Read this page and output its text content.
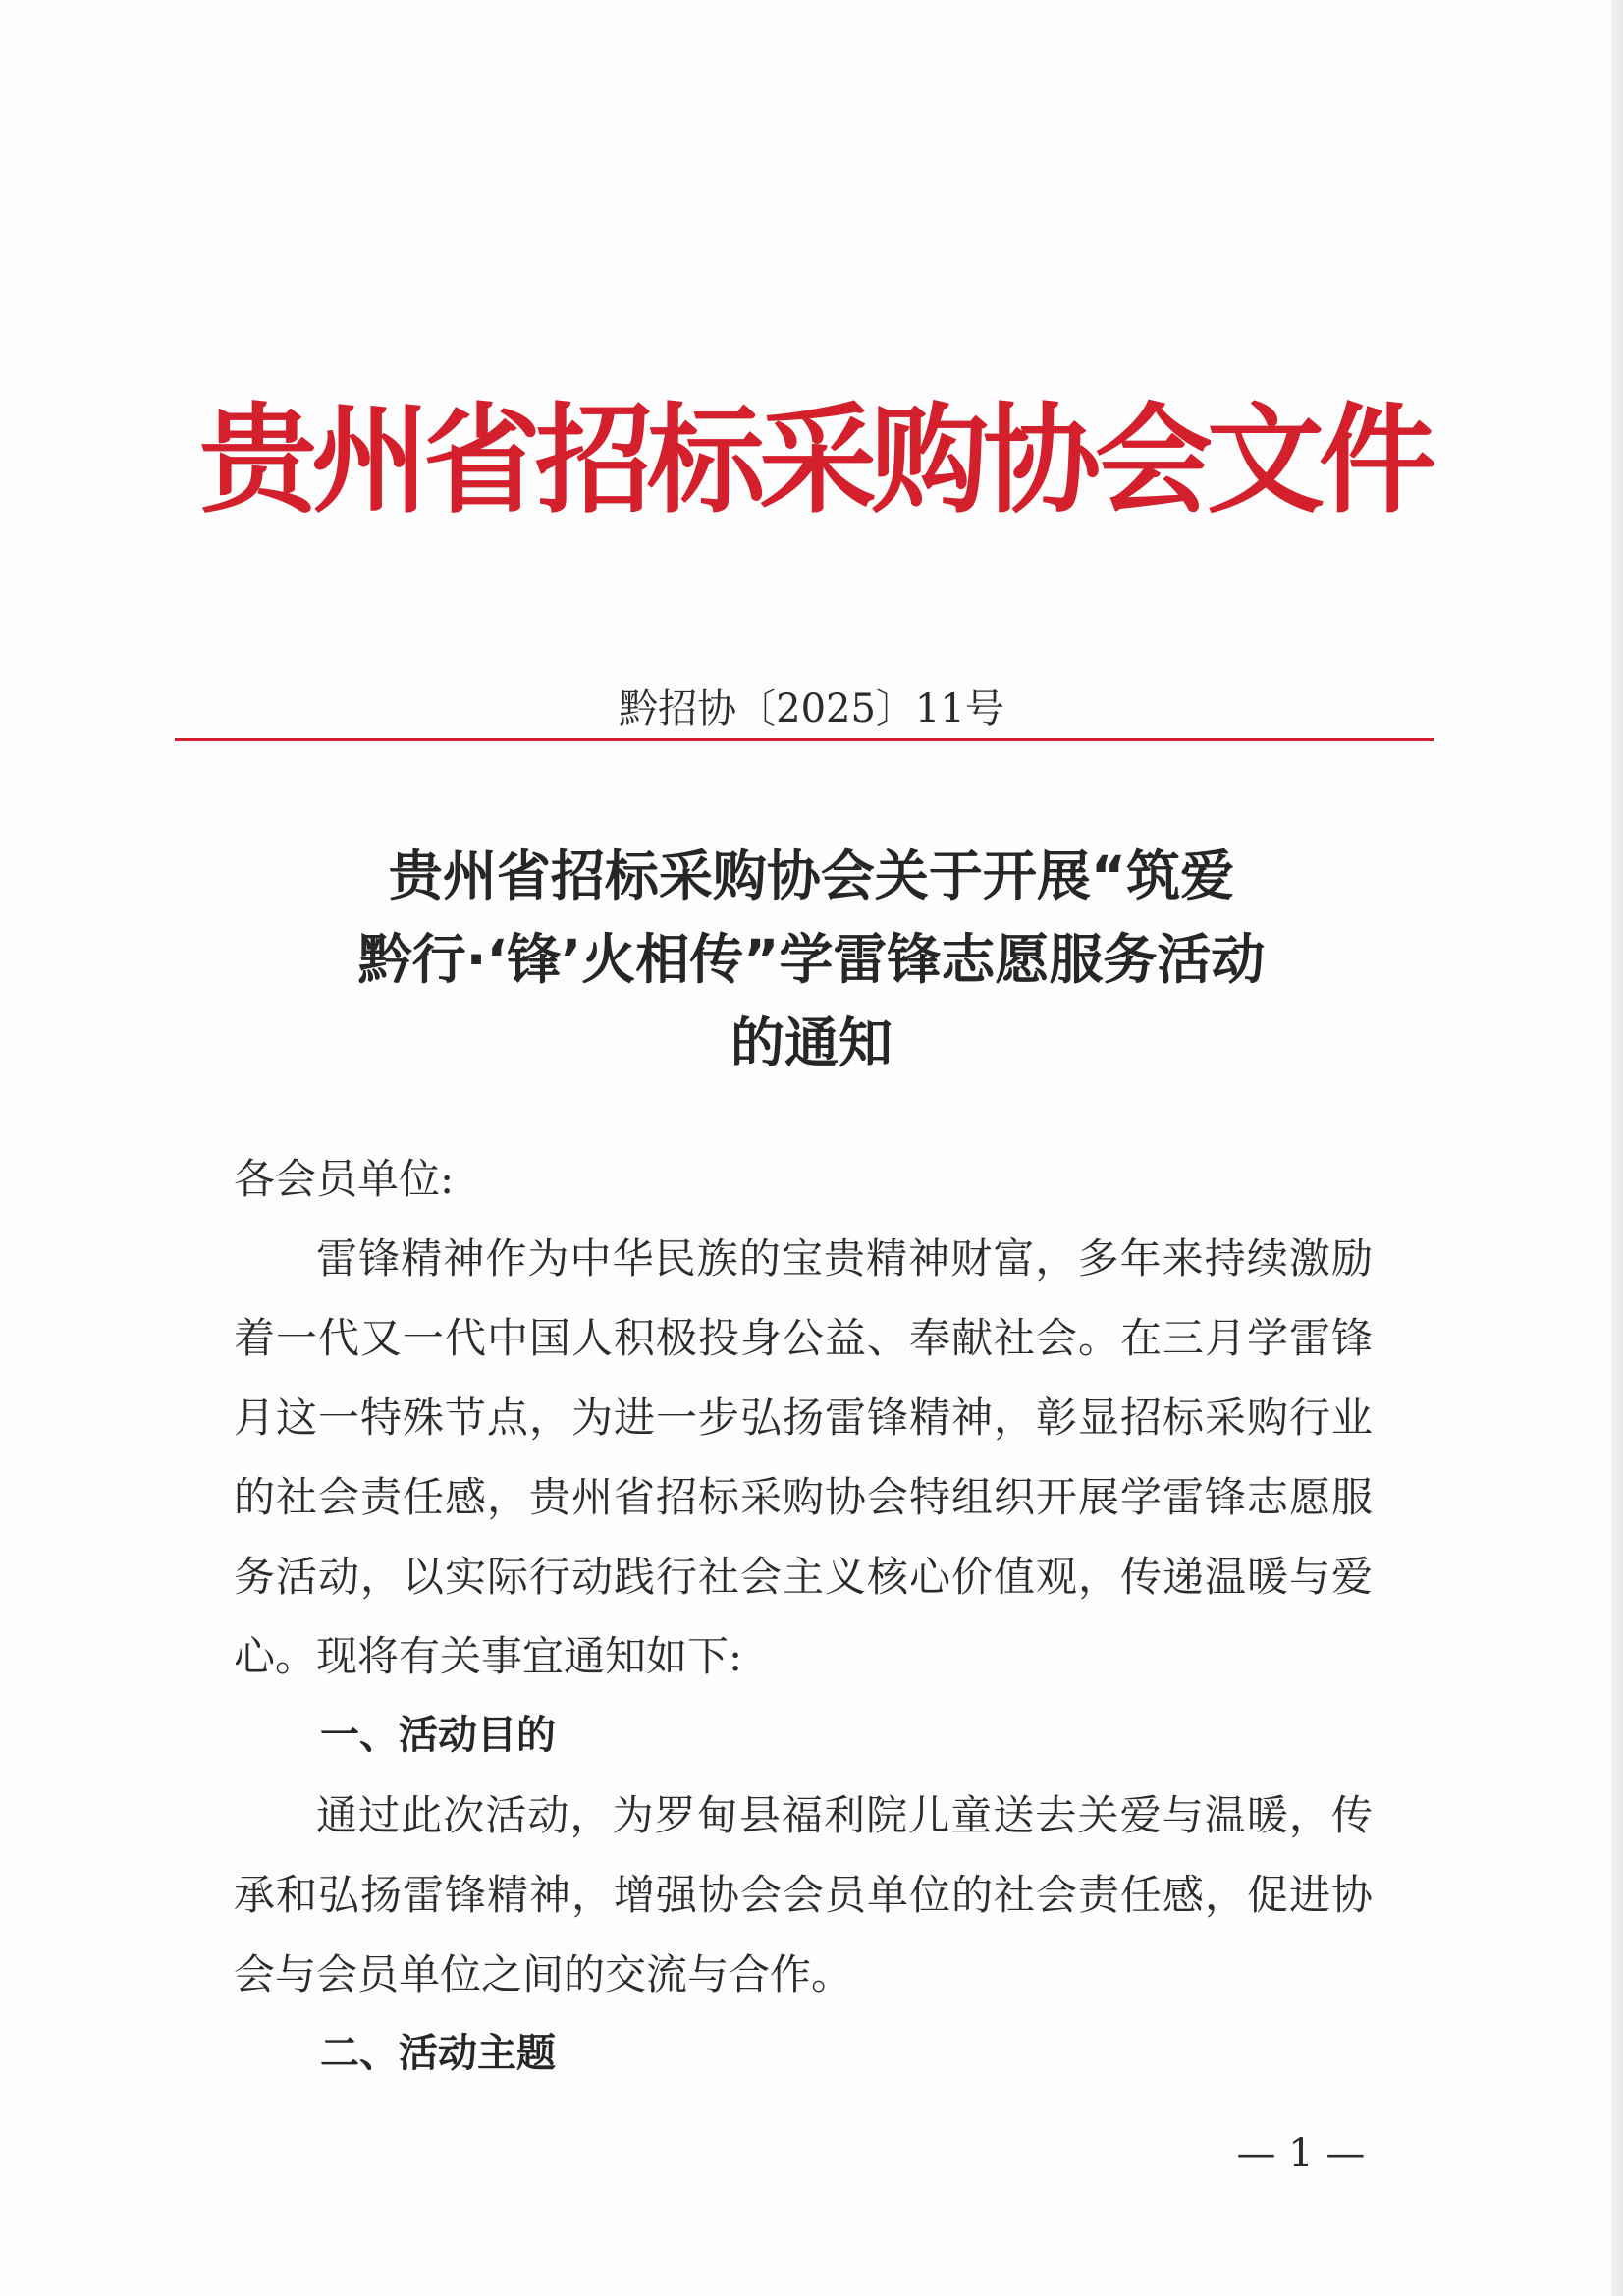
贵州省招标采购协会文件
黔招协〔2025〕11号
贵州省招标采购协会关于开展“筑爱
黔行·‘锋’火相传”学雷锋志愿服务活动
的通知

各会员单位:

雷锋精神作为中华民族的宝贵精神财富，多年来持续激励着一代又一代中国人积极投身公益、奉献社会。在三月学雷锋月这一特殊节点，为进一步弘扬雷锋精神，彰显招标采购行业的社会责任感，贵州省招标采购协会特组织开展学雷锋志愿服务活动，以实际行动践行社会主义核心价值观，传递温暖与爱心。现将有关事宜通知如下:

一、活动目的

通过此次活动，为罗甸县福利院儿童送去关爱与温暖，传承和弘扬雷锋精神，增强协会会员单位的社会责任感，促进协会与会员单位之间的交流与合作。

二、活动主题

— 1 —
